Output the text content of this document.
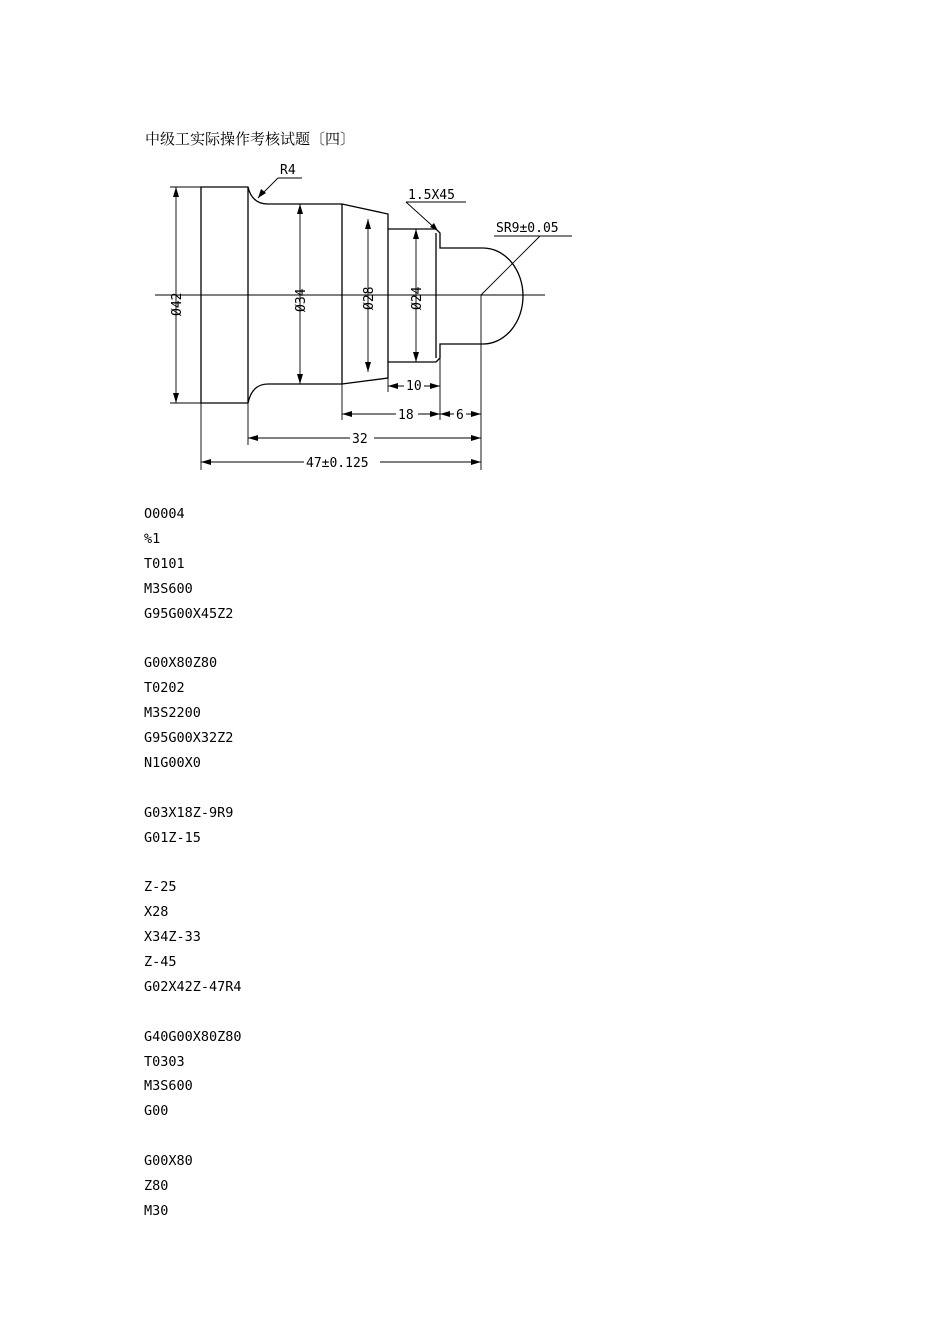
中级工实际操作考核试题〔四〕
R4
1.5X45
SR9±0.05
Ø42	Ø34	Ø28	Ø24
10
18	6
32
47±0.125
O0004
%1
T0101
M3S600
G95G00X45Z2
G00X80Z80
T0202
M3S2200
G95G00X32Z2
N1G00X0
G03X18Z-9R9
G01Z-15
Z-25
X28
X34Z-33
Z-45
G02X42Z-47R4
G40G00X80Z80
T0303
M3S600
G00
G00X80
Z80
M30
